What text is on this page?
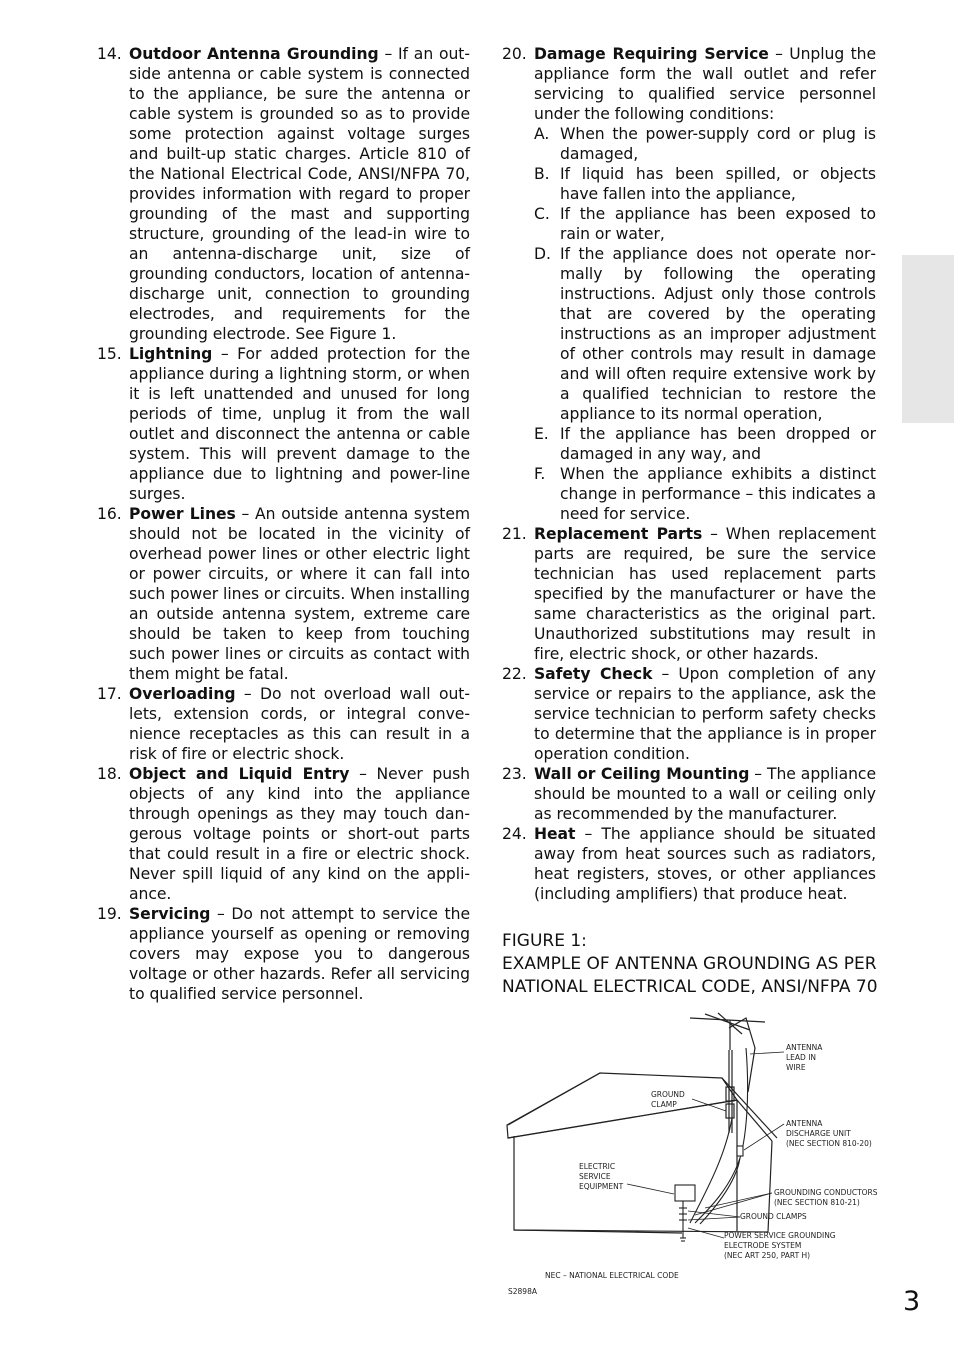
14. Outdoor Antenna Grounding – If an outside antenna or cable system is connected to the appliance, be sure the antenna or cable system is grounded so as to provide some protection against voltage surges and built-up static charges. Article 810 of the National Electrical Code, ANSI/NFPA 70, provides information with regard to proper grounding of the mast and supporting structure, grounding of the lead-in wire to an antenna-discharge unit, size of grounding conductors, location of antenna-discharge unit, connection to grounding electrodes, and requirements for the grounding electrode. See Figure 1.
15. Lightning – For added protection for the appliance during a lightning storm, or when it is left unattended and unused for long periods of time, unplug it from the wall outlet and disconnect the antenna or cable system. This will prevent damage to the appliance due to lightning and power-line surges.
16. Power Lines – An outside antenna system should not be located in the vicinity of overhead power lines or other electric light or power circuits, or where it can fall into such power lines or circuits. When installing an outside antenna system, extreme care should be taken to keep from touching such power lines or circuits as contact with them might be fatal.
17. Overloading – Do not overload wall outlets, extension cords, or integral convenience receptacles as this can result in a risk of fire or electric shock.
18. Object and Liquid Entry – Never push objects of any kind into the appliance through openings as they may touch dangerous voltage points or short-out parts that could result in a fire or electric shock. Never spill liquid of any kind on the appliance.
19. Servicing – Do not attempt to service the appliance yourself as opening or removing covers may expose you to dangerous voltage or other hazards. Refer all servicing to qualified service personnel.
20. Damage Requiring Service – Unplug the appliance form the wall outlet and refer servicing to qualified service personnel under the following conditions:
A. When the power-supply cord or plug is damaged,
B. If liquid has been spilled, or objects have fallen into the appliance,
C. If the appliance has been exposed to rain or water,
D. If the appliance does not operate normally by following the operating instructions. Adjust only those controls that are covered by the operating instructions as an improper adjustment of other controls may result in damage and will often require extensive work by a qualified technician to restore the appliance to its normal operation,
E. If the appliance has been dropped or damaged in any way, and
F. When the appliance exhibits a distinct change in performance – this indicates a need for service.
21. Replacement Parts – When replacement parts are required, be sure the service technician has used replacement parts specified by the manufacturer or have the same characteristics as the original part. Unauthorized substitutions may result in fire, electric shock, or other hazards.
22. Safety Check – Upon completion of any service or repairs to the appliance, ask the service technician to perform safety checks to determine that the appliance is in proper operation condition.
23. Wall or Ceiling Mounting – The appliance should be mounted to a wall or ceiling only as recommended by the manufacturer.
24. Heat – The appliance should be situated away from heat sources such as radiators, heat registers, stoves, or other appliances (including amplifiers) that produce heat.
FIGURE 1:
EXAMPLE OF ANTENNA GROUNDING AS PER NATIONAL ELECTRICAL CODE, ANSI/NFPA 70
ANTENNA
LEAD IN
WIRE
GROUND
CLAMP
ANTENNA
DISCHARGE UNIT
(NEC SECTION 810-20)
ELECTRIC
SERVICE
EQUIPMENT
GROUNDING CONDUCTORS
(NEC SECTION 810-21)
GROUND CLAMPS
POWER SERVICE GROUNDING
ELECTRODE SYSTEM
(NEC ART 250, PART H)
NEC – NATIONAL ELECTRICAL CODE
S2898A	3
